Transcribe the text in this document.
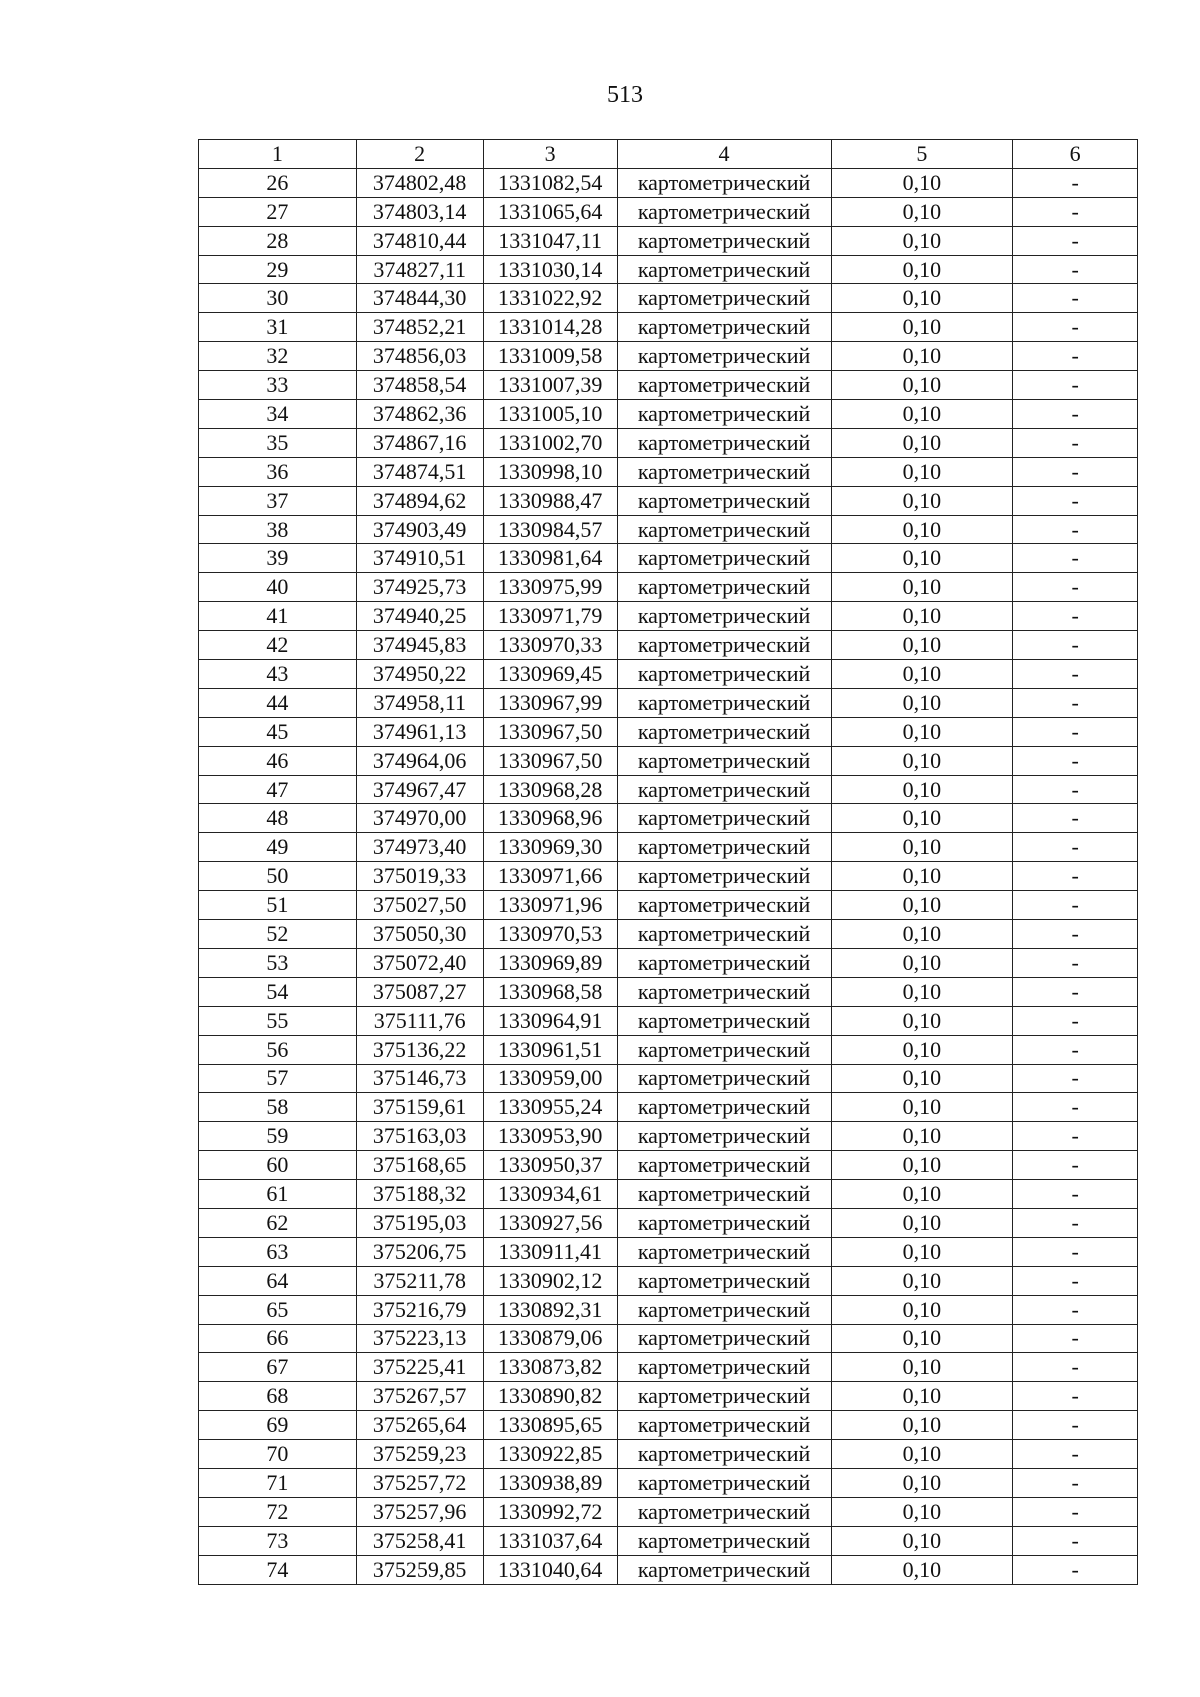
513
1	2	3	4	5	6
26	374802,48	1331082,54	картометрический	0,10	-
27	374803,14	1331065,64	картометрический	0,10	-
28	374810,44	1331047,11	картометрический	0,10	-
29	374827,11	1331030,14	картометрический	0,10	-
30	374844,30	1331022,92	картометрический	0,10	-
31	374852,21	1331014,28	картометрический	0,10	-
32	374856,03	1331009,58	картометрический	0,10	-
33	374858,54	1331007,39	картометрический	0,10	-
34	374862,36	1331005,10	картометрический	0,10	-
35	374867,16	1331002,70	картометрический	0,10	-
36	374874,51	1330998,10	картометрический	0,10	-
37	374894,62	1330988,47	картометрический	0,10	-
38	374903,49	1330984,57	картометрический	0,10	-
39	374910,51	1330981,64	картометрический	0,10	-
40	374925,73	1330975,99	картометрический	0,10	-
41	374940,25	1330971,79	картометрический	0,10	-
42	374945,83	1330970,33	картометрический	0,10	-
43	374950,22	1330969,45	картометрический	0,10	-
44	374958,11	1330967,99	картометрический	0,10	-
45	374961,13	1330967,50	картометрический	0,10	-
46	374964,06	1330967,50	картометрический	0,10	-
47	374967,47	1330968,28	картометрический	0,10	-
48	374970,00	1330968,96	картометрический	0,10	-
49	374973,40	1330969,30	картометрический	0,10	-
50	375019,33	1330971,66	картометрический	0,10	-
51	375027,50	1330971,96	картометрический	0,10	-
52	375050,30	1330970,53	картометрический	0,10	-
53	375072,40	1330969,89	картометрический	0,10	-
54	375087,27	1330968,58	картометрический	0,10	-
55	375111,76	1330964,91	картометрический	0,10	-
56	375136,22	1330961,51	картометрический	0,10	-
57	375146,73	1330959,00	картометрический	0,10	-
58	375159,61	1330955,24	картометрический	0,10	-
59	375163,03	1330953,90	картометрический	0,10	-
60	375168,65	1330950,37	картометрический	0,10	-
61	375188,32	1330934,61	картометрический	0,10	-
62	375195,03	1330927,56	картометрический	0,10	-
63	375206,75	1330911,41	картометрический	0,10	-
64	375211,78	1330902,12	картометрический	0,10	-
65	375216,79	1330892,31	картометрический	0,10	-
66	375223,13	1330879,06	картометрический	0,10	-
67	375225,41	1330873,82	картометрический	0,10	-
68	375267,57	1330890,82	картометрический	0,10	-
69	375265,64	1330895,65	картометрический	0,10	-
70	375259,23	1330922,85	картометрический	0,10	-
71	375257,72	1330938,89	картометрический	0,10	-
72	375257,96	1330992,72	картометрический	0,10	-
73	375258,41	1331037,64	картометрический	0,10	-
74	375259,85	1331040,64	картометрический	0,10	-
